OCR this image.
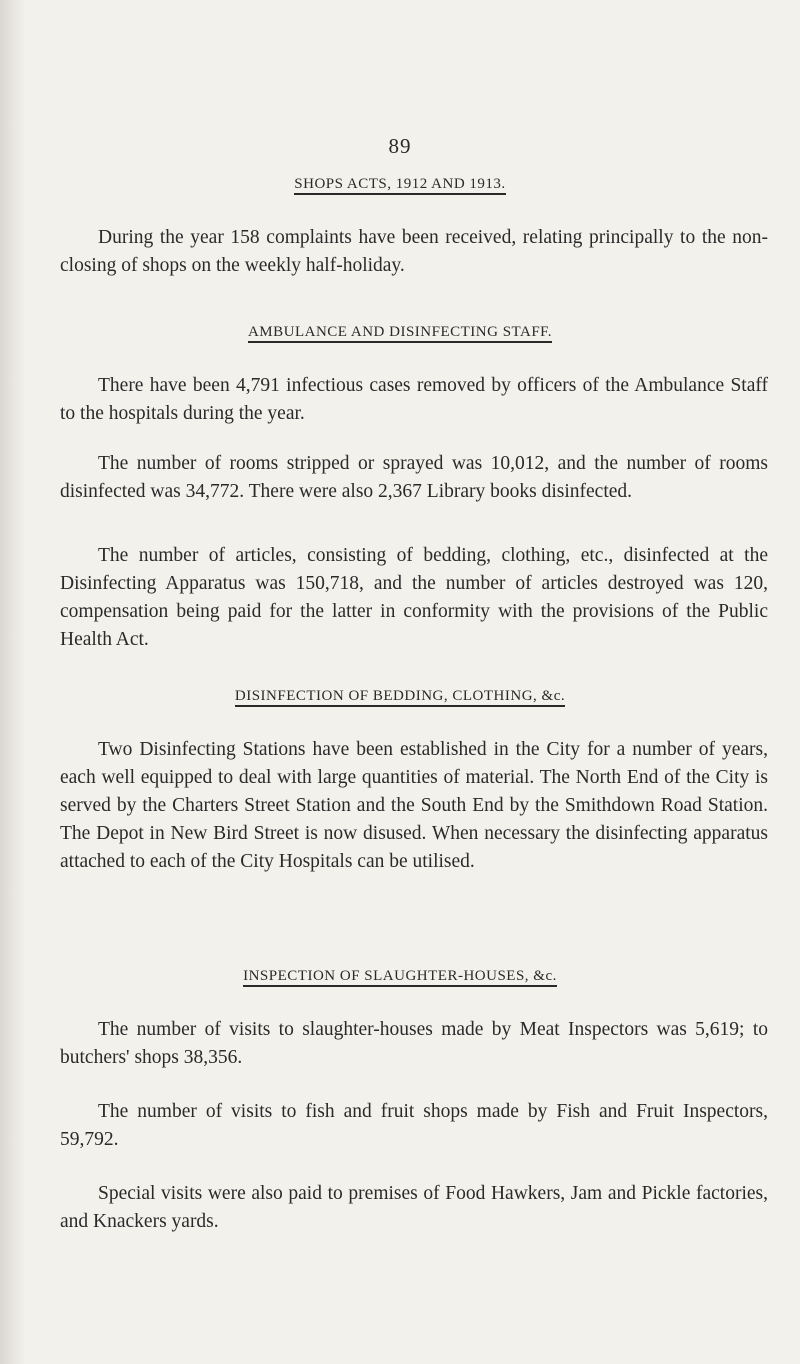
89
SHOPS ACTS, 1912 AND 1913.

During the year 158 complaints have been received, relating principally to the non-closing of shops on the weekly half-holiday.

AMBULANCE AND DISINFECTING STAFF.

There have been 4,791 infectious cases removed by officers of the Ambulance Staff to the hospitals during the year.

The number of rooms stripped or sprayed was 10,012, and the number of rooms disinfected was 34,772. There were also 2,367 Library books disinfected.

The number of articles, consisting of bedding, clothing, etc., disinfected at the Disinfecting Apparatus was 150,718, and the number of articles destroyed was 120, compensation being paid for the latter in conformity with the provisions of the Public Health Act.

DISINFECTION OF BEDDING, CLOTHING, &c.

Two Disinfecting Stations have been established in the City for a number of years, each well equipped to deal with large quantities of material. The North End of the City is served by the Charters Street Station and the South End by the Smithdown Road Station. The Depot in New Bird Street is now disused. When necessary the disinfecting apparatus attached to each of the City Hospitals can be utilised.

INSPECTION OF SLAUGHTER-HOUSES, &c.

The number of visits to slaughter-houses made by Meat Inspectors was 5,619; to butchers' shops 38,356.

The number of visits to fish and fruit shops made by Fish and Fruit Inspectors, 59,792.

Special visits were also paid to premises of Food Hawkers, Jam and Pickle factories, and Knackers yards.
